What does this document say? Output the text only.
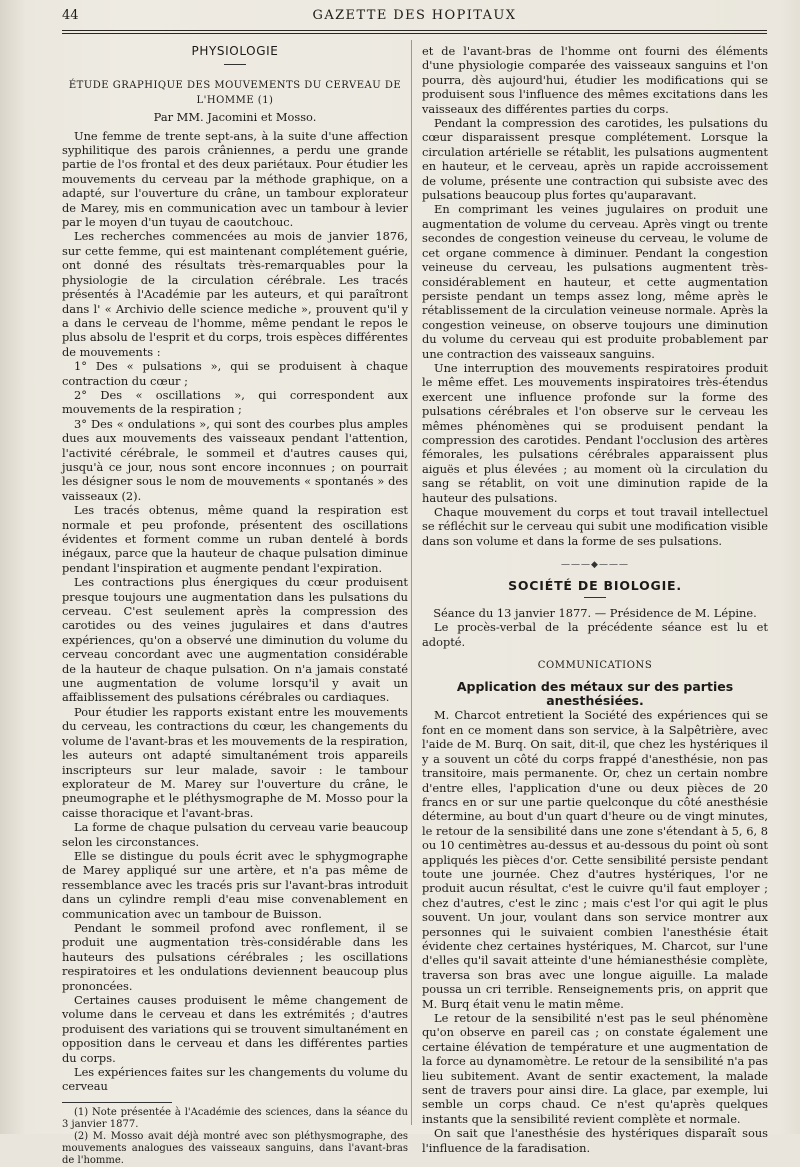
44	GAZETTE DES HOPITAUX
PHYSIOLOGIE
ÉTUDE GRAPHIQUE DES MOUVEMENTS DU CERVEAU DE L'HOMME (1)
Par MM. Jacomini et Mosso.

Une femme de trente sept-ans, à la suite d'une affection syphilitique des parois crâniennes, a perdu une grande partie de l'os frontal et des deux pariétaux. Pour étudier les mouvements du cerveau par la méthode graphique, on a adapté, sur l'ouverture du crâne, un tambour explorateur de Marey, mis en communication avec un tambour à levier par le moyen d'un tuyau de caoutchouc.

Les recherches commencées au mois de janvier 1876, sur cette femme, qui est maintenant complétement guérie, ont donné des résultats très-remarquables pour la physiologie de la circulation cérébrale. Les tracés présentés à l'Académie par les auteurs, et qui paraîtront dans l' « Archivio delle science mediche », prouvent qu'il y a dans le cerveau de l'homme, même pendant le repos le plus absolu de l'esprit et du corps, trois espèces différentes de mouvements :

1° Des « pulsations », qui se produisent à chaque contraction du cœur ;

2° Des « oscillations », qui correspondent aux mouvements de la respiration ;

3° Des « ondulations », qui sont des courbes plus amples dues aux mouvements des vaisseaux pendant l'attention, l'activité cérébrale, le sommeil et d'autres causes qui, jusqu'à ce jour, nous sont encore inconnues ; on pourrait les désigner sous le nom de mouvements « spontanés » des vaisseaux (2).

Les tracés obtenus, même quand la respiration est normale et peu profonde, présentent des oscillations évidentes et forment comme un ruban dentelé à bords inégaux, parce que la hauteur de chaque pulsation diminue pendant l'inspiration et augmente pendant l'expiration.

Les contractions plus énergiques du cœur produisent presque toujours une augmentation dans les pulsations du cerveau. C'est seulement après la compression des carotides ou des veines jugulaires et dans d'autres expériences, qu'on a observé une diminution du volume du cerveau concordant avec une augmentation considérable de la hauteur de chaque pulsation. On n'a jamais constaté une augmentation de volume lorsqu'il y avait un affaiblissement des pulsations cérébrales ou cardiaques.

Pour étudier les rapports existant entre les mouvements du cerveau, les contractions du cœur, les changements du volume de l'avant-bras et les mouvements de la respiration, les auteurs ont adapté simultanément trois appareils inscripteurs sur leur malade, savoir : le tambour explorateur de M. Marey sur l'ouverture du crâne, le pneumographe et le pléthysmographe de M. Mosso pour la caisse thoracique et l'avant-bras.

La forme de chaque pulsation du cerveau varie beaucoup selon les circonstances.

Elle se distingue du pouls écrit avec le sphygmographe de Marey appliqué sur une artère, et n'a pas même de ressemblance avec les tracés pris sur l'avant-bras introduit dans un cylindre rempli d'eau mise convenablement en communication avec un tambour de Buisson.

Pendant le sommeil profond avec ronflement, il se produit une augmentation très-considérable dans les hauteurs des pulsations cérébrales ; les oscillations respiratoires et les ondulations deviennent beaucoup plus prononcées.

Certaines causes produisent le même changement de volume dans le cerveau et dans les extrémités ; d'autres produisent des variations qui se trouvent simultanément en opposition dans le cerveau et dans les différentes parties du corps.

Les expériences faites sur les changements du volume du cerveau

(1) Note présentée à l'Académie des sciences, dans la séance du 3 janvier 1877.

(2) M. Mosso avait déjà montré avec son pléthysmographe, des mouvements analogues des vaisseaux sanguins, dans l'avant-bras de l'homme.

et de l'avant-bras de l'homme ont fourni des éléments d'une physiologie comparée des vaisseaux sanguins et l'on pourra, dès aujourd'hui, étudier les modifications qui se produisent sous l'influence des mêmes excitations dans les vaisseaux des différentes parties du corps.

Pendant la compression des carotides, les pulsations du cœur disparaissent presque complétement. Lorsque la circulation artérielle se rétablit, les pulsations augmentent en hauteur, et le cerveau, après un rapide accroissement de volume, présente une contraction qui subsiste avec des pulsations beaucoup plus fortes qu'auparavant.

En comprimant les veines jugulaires on produit une augmentation de volume du cerveau. Après vingt ou trente secondes de congestion veineuse du cerveau, le volume de cet organe commence à diminuer. Pendant la congestion veineuse du cerveau, les pulsations augmentent très-considérablement en hauteur, et cette augmentation persiste pendant un temps assez long, même après le rétablissement de la circulation veineuse normale. Après la congestion veineuse, on observe toujours une diminution du volume du cerveau qui est produite probablement par une contraction des vaisseaux sanguins.

Une interruption des mouvements respiratoires produit le même effet. Les mouvements inspiratoires très-étendus exercent une influence profonde sur la forme des pulsations cérébrales et l'on observe sur le cerveau les mêmes phénomènes qui se produisent pendant la compression des carotides. Pendant l'occlusion des artères fémorales, les pulsations cérébrales apparaissent plus aiguës et plus élevées ; au moment où la circulation du sang se rétablit, on voit une diminution rapide de la hauteur des pulsations.

Chaque mouvement du corps et tout travail intellectuel se réfléchit sur le cerveau qui subit une modification visible dans son volume et dans la forme de ses pulsations.

———◆———
SOCIÉTÉ DE BIOLOGIE.

Séance du 13 janvier 1877. — Présidence de M. Lépine.

Le procès-verbal de la précédente séance est lu et adopté.

COMMUNICATIONS
Application des métaux sur des parties anesthésiées.

M. Charcot entretient la Société des expériences qui se font en ce moment dans son service, à la Salpêtrière, avec l'aide de M. Burq. On sait, dit-il, que chez les hystériques il y a souvent un côté du corps frappé d'anesthésie, non pas transitoire, mais permanente. Or, chez un certain nombre d'entre elles, l'application d'une ou deux pièces de 20 francs en or sur une partie quelconque du côté anesthésie détermine, au bout d'un quart d'heure ou de vingt minutes, le retour de la sensibilité dans une zone s'étendant à 5, 6, 8 ou 10 centimètres au-dessus et au-dessous du point où sont appliqués les pièces d'or. Cette sensibilité persiste pendant toute une journée. Chez d'autres hystériques, l'or ne produit aucun résultat, c'est le cuivre qu'il faut employer ; chez d'autres, c'est le zinc ; mais c'est l'or qui agit le plus souvent. Un jour, voulant dans son service montrer aux personnes qui le suivaient combien l'anesthésie était évidente chez certaines hystériques, M. Charcot, sur l'une d'elles qu'il savait atteinte d'une hémianesthésie complète, traversa son bras avec une longue aiguille. La malade poussa un cri terrible. Renseignements pris, on apprit que M. Burq était venu le matin même.

Le retour de la sensibilité n'est pas le seul phénomène qu'on observe en pareil cas ; on constate également une certaine élévation de température et une augmentation de la force au dynamomètre. Le retour de la sensibilité n'a pas lieu subitement. Avant de sentir exactement, la malade sent de travers pour ainsi dire. La glace, par exemple, lui semble un corps chaud. Ce n'est qu'après quelques instants que la sensibilité revient complète et normale.

On sait que l'anesthésie des hystériques disparaît sous l'influence de la faradisation.
